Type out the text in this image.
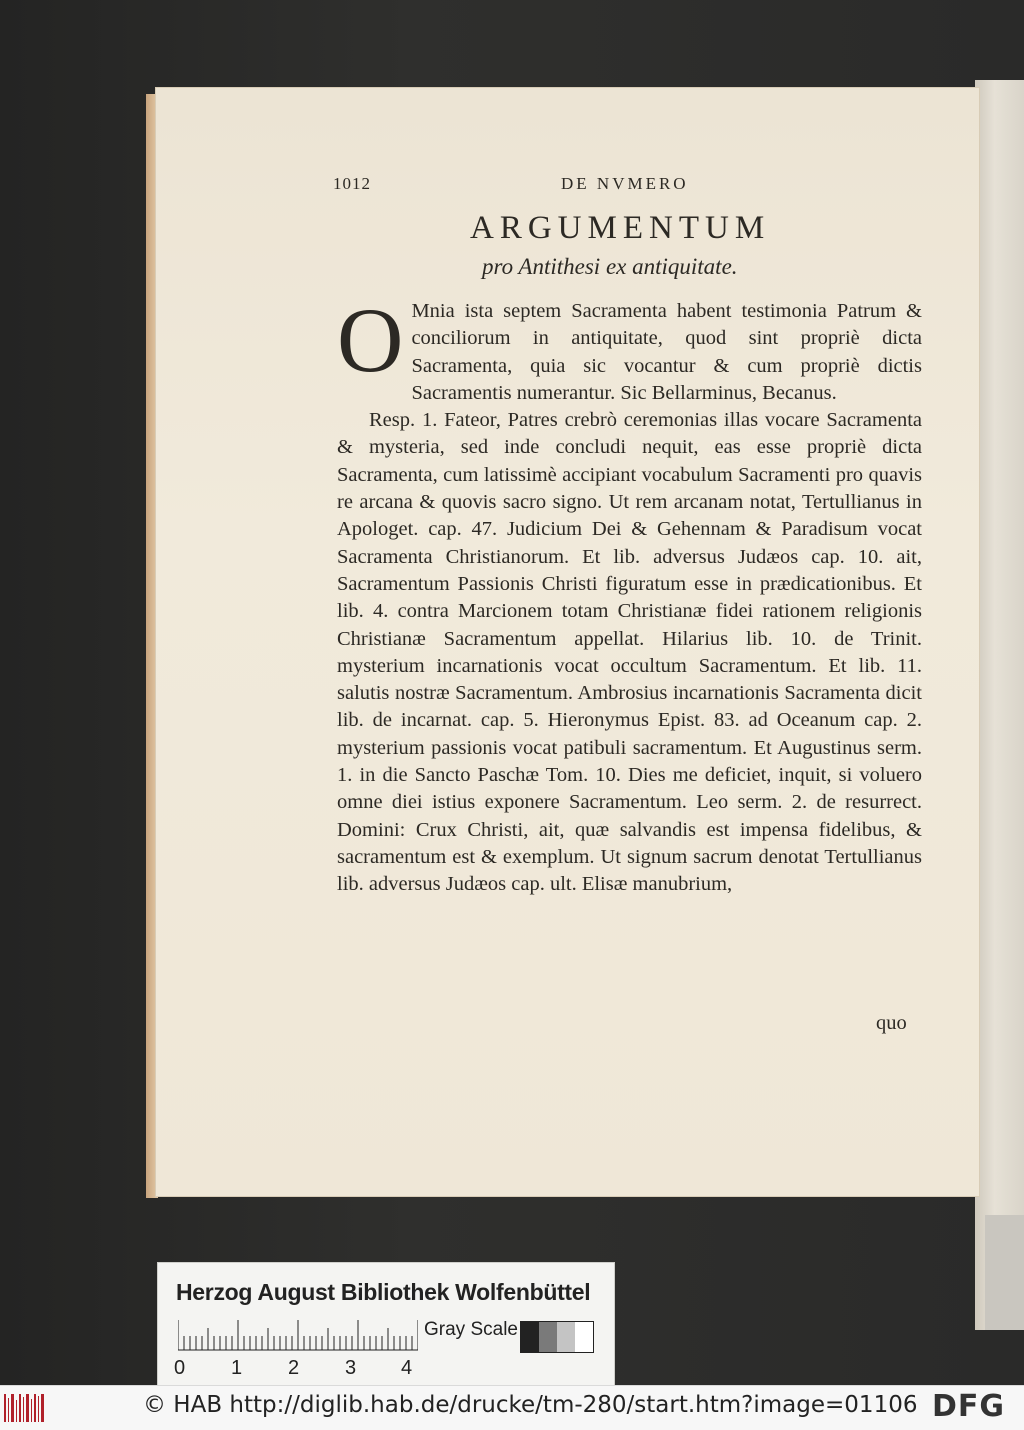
1012	DE NVMERO
ARGUMENTUM
pro Antithesi ex antiquitate.

O Mnia ista septem Sacramenta habent testimonia Patrum & conciliorum in antiquitate, quod sint propriè dicta Sacramenta, quia sic vocantur & cum propriè dictis Sacramentis numerantur. Sic Bellarminus, Becanus.

Resp. 1. Fateor, Patres crebrò ceremonias illas vocare Sacramenta & mysteria, sed inde concludi nequit, eas esse propriè dicta Sacramenta, cum latissimè accipiant vocabulum Sacramenti pro quavis re arcana & quovis sacro signo. Ut rem arcanam notat, Tertullianus in Apologet. cap. 47. Judicium Dei & Gehennam & Paradisum vocat Sacramenta Christianorum. Et lib. adversus Judæos cap. 10. ait, Sacramentum Passionis Christi figuratum esse in prædicationibus. Et lib. 4. contra Marcionem totam Christianæ fidei rationem religionis Christianæ Sacramentum appellat. Hilarius lib. 10. de Trinit. mysterium incarnationis vocat occultum Sacramentum. Et lib. 11. salutis nostræ Sacramentum. Ambrosius incarnationis Sacramenta dicit lib. de incarnat. cap. 5. Hieronymus Epist. 83. ad Oceanum cap. 2. mysterium passionis vocat patibuli sacramentum. Et Augustinus serm. 1. in die Sancto Paschæ Tom. 10. Dies me deficiet, inquit, si voluero omne diei istius exponere Sacramentum. Leo serm. 2. de resurrect. Domini: Crux Christi, ait, quæ salvandis est impensa fidelibus, & sacramentum est & exemplum. Ut signum sacrum denotat Tertullianus lib. adversus Judæos cap. ult. Elisæ manubrium,

quo
Herzog August Bibliothek Wolfenbüttel
0 1 2 3 4
Gray Scale
© HAB http://diglib.hab.de/drucke/tm-280/start.htm?image=01106 DFG
